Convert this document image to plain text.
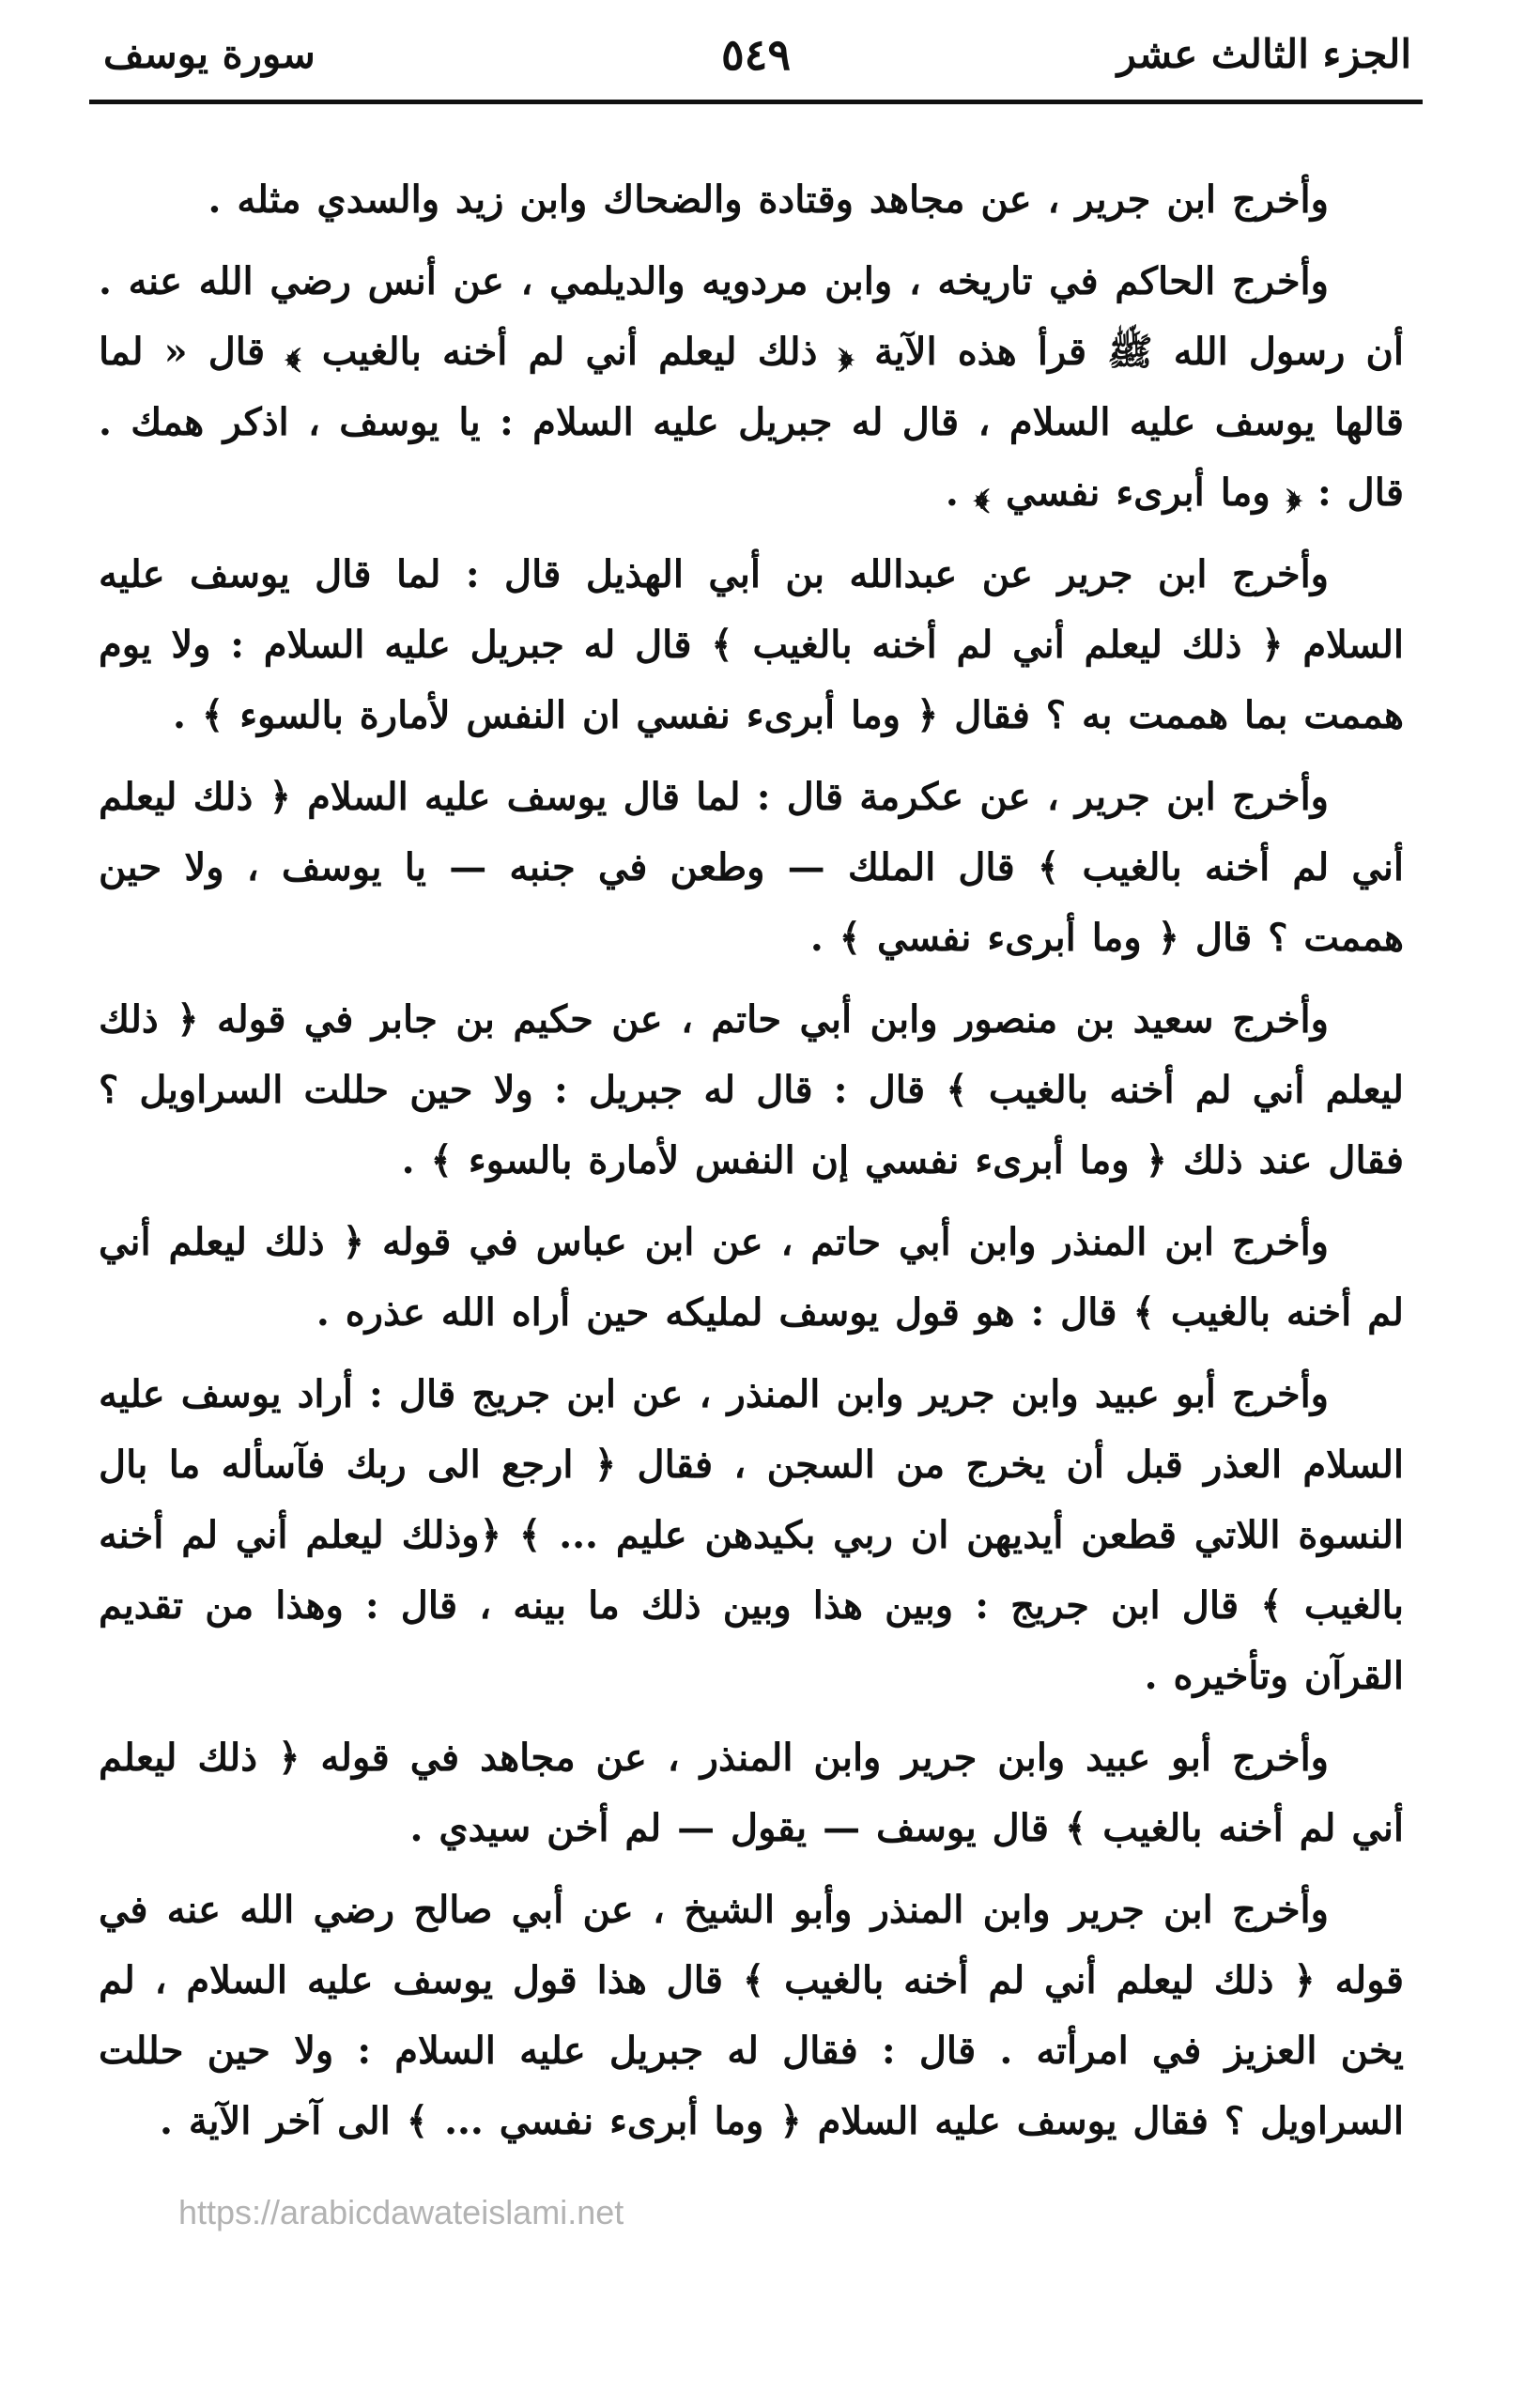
الجزء الثالث عشر
٥٤٩
سورة يوسف

وأخرج ابن جرير ، عن مجاهد وقتادة والضحاك وابن زيد والسدي مثله .

وأخرج الحاكم في تاريخه ، وابن مردويه والديلمي ، عن أنس رضي الله عنه . أن رسول الله ﷺ قرأ هذه الآية ﴿ ذلك ليعلم أني لم أخنه بالغيب ﴾ قال « لما قالها يوسف عليه السلام ، قال له جبريل عليه السلام : يا يوسف ، اذكر همك . قال : ﴿ وما أبرىء نفسي ﴾ .

وأخرج ابن جرير عن عبدالله بن أبي الهذيل قال : لما قال يوسف عليه السلام ﴿ ذلك ليعلم أني لم أخنه بالغيب ﴾ قال له جبريل عليه السلام : ولا يوم هممت بما هممت به ؟ فقال ﴿ وما أبرىء نفسي ان النفس لأمارة بالسوء ﴾ .

وأخرج ابن جرير ، عن عكرمة قال : لما قال يوسف عليه السلام ﴿ ذلك ليعلم أني لم أخنه بالغيب ﴾ قال الملك — وطعن في جنبه — يا يوسف ، ولا حين هممت ؟ قال ﴿ وما أبرىء نفسي ﴾ .

وأخرج سعيد بن منصور وابن أبي حاتم ، عن حكيم بن جابر في قوله ﴿ ذلك ليعلم أني لم أخنه بالغيب ﴾ قال : قال له جبريل : ولا حين حللت السراويل ؟ فقال عند ذلك ﴿ وما أبرىء نفسي إن النفس لأمارة بالسوء ﴾ .

وأخرج ابن المنذر وابن أبي حاتم ، عن ابن عباس في قوله ﴿ ذلك ليعلم أني لم أخنه بالغيب ﴾ قال : هو قول يوسف لمليكه حين أراه الله عذره .

وأخرج أبو عبيد وابن جرير وابن المنذر ، عن ابن جريج قال : أراد يوسف عليه السلام العذر قبل أن يخرج من السجن ، فقال ﴿ ارجع الى ربك فآسأله ما بال النسوة اللاتي قطعن أيديهن ان ربي بكيدهن عليم ... ﴾ ﴿وذلك ليعلم أني لم أخنه بالغيب ﴾ قال ابن جريج : وبين هذا وبين ذلك ما بينه ، قال : وهذا من تقديم القرآن وتأخيره .

وأخرج أبو عبيد وابن جرير وابن المنذر ، عن مجاهد في قوله ﴿ ذلك ليعلم أني لم أخنه بالغيب ﴾ قال يوسف — يقول — لم أخن سيدي .

وأخرج ابن جرير وابن المنذر وأبو الشيخ ، عن أبي صالح رضي الله عنه في قوله ﴿ ذلك ليعلم أني لم أخنه بالغيب ﴾ قال هذا قول يوسف عليه السلام ، لم يخن العزيز في امرأته . قال : فقال له جبريل عليه السلام : ولا حين حللت السراويل ؟ فقال يوسف عليه السلام ﴿ وما أبرىء نفسي ... ﴾ الى آخر الآية .

https://arabicdawateislami.net
